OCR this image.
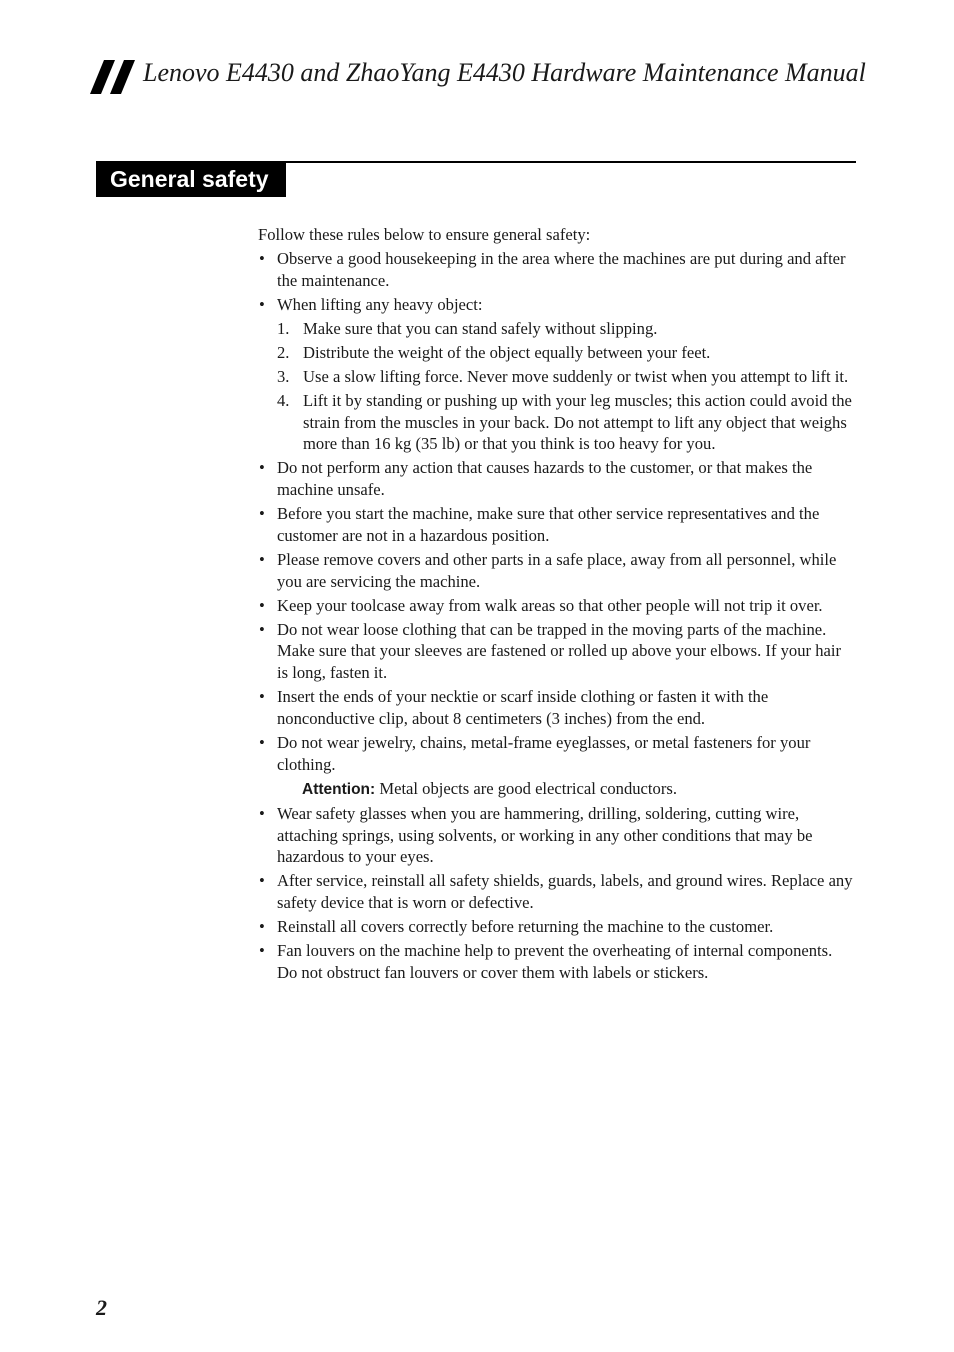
Lenovo E4430 and ZhaoYang E4430 Hardware Maintenance Manual
General safety

Follow these rules below to ensure general safety:

• Observe a good housekeeping in the area where the machines are put during and after the maintenance.
• When lifting any heavy object:
1. Make sure that you can stand safely without slipping.
2. Distribute the weight of the object equally between your feet.
3. Use a slow lifting force. Never move suddenly or twist when you attempt to lift it.
4. Lift it by standing or pushing up with your leg muscles; this action could avoid the strain from the muscles in your back. Do not attempt to lift any object that weighs more than 16 kg (35 lb) or that you think is too heavy for you.
• Do not perform any action that causes hazards to the customer, or that makes the machine unsafe.
• Before you start the machine, make sure that other service representatives and the customer are not in a hazardous position.
• Please remove covers and other parts in a safe place, away from all personnel, while you are servicing the machine.
• Keep your toolcase away from walk areas so that other people will not trip it over.
• Do not wear loose clothing that can be trapped in the moving parts of the machine. Make sure that your sleeves are fastened or rolled up above your elbows. If your hair is long, fasten it.
• Insert the ends of your necktie or scarf inside clothing or fasten it with the nonconductive clip, about 8 centimeters (3 inches) from the end.
• Do not wear jewelry, chains, metal-frame eyeglasses, or metal fasteners for your clothing.
Attention: Metal objects are good electrical conductors.
• Wear safety glasses when you are hammering, drilling, soldering, cutting wire, attaching springs, using solvents, or working in any other conditions that may be hazardous to your eyes.
• After service, reinstall all safety shields, guards, labels, and ground wires. Replace any safety device that is worn or defective.
• Reinstall all covers correctly before returning the machine to the customer.
• Fan louvers on the machine help to prevent the overheating of internal components. Do not obstruct fan louvers or cover them with labels or stickers.
2
